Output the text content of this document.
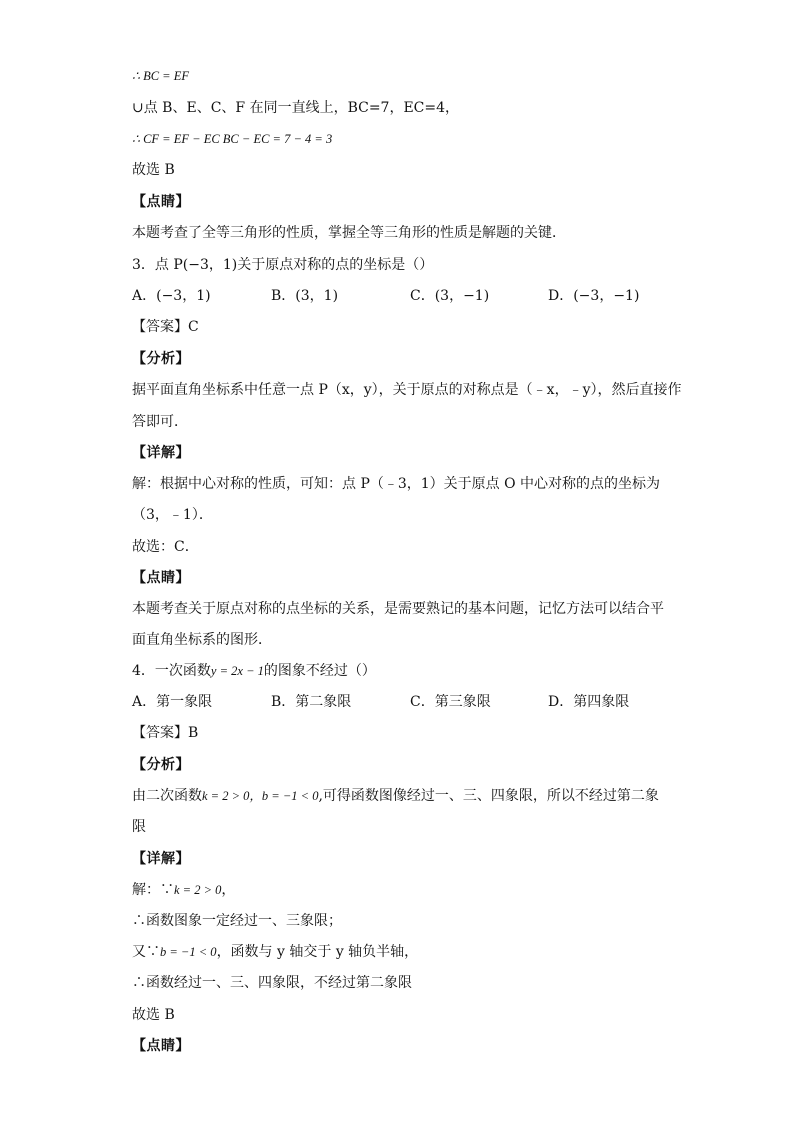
∴ BC = EF
∪点 B、E、C、F 在同一直线上，BC=7，EC=4，
∴ CF = EF − EC BC − EC = 7 − 4 = 3
故选 B
【点睛】
本题考查了全等三角形的性质，掌握全等三角形的性质是解题的关键．
3．点 P(−3，1)关于原点对称的点的坐标是（）
A．(−3，1)	B．(3，1)	C．(3，−1)	D．(−3，−1)
【答案】C
【分析】
据平面直角坐标系中任意一点 P（x，y），关于原点的对称点是（﹣x，﹣y），然后直接作
答即可．
【详解】
解：根据中心对称的性质，可知：点 P（﹣3，1）关于原点 O 中心对称的点的坐标为
（3，﹣1）．
故选：C．
【点睛】
本题考查关于原点对称的点坐标的关系，是需要熟记的基本问题，记忆方法可以结合平
面直角坐标系的图形．
4．一次函数y = 2x − 1的图象不经过（）
A．第一象限	B．第二象限	C．第三象限	D．第四象限
【答案】B
【分析】
由二次函数k = 2 > 0，b = −1 < 0,可得函数图像经过一、三、四象限，所以不经过第二象
限
【详解】
解：∵k = 2 > 0，
∴函数图象一定经过一、三象限；
又∵b = −1 < 0，函数与 y 轴交于 y 轴负半轴，
∴函数经过一、三、四象限，不经过第二象限
故选 B
【点睛】
